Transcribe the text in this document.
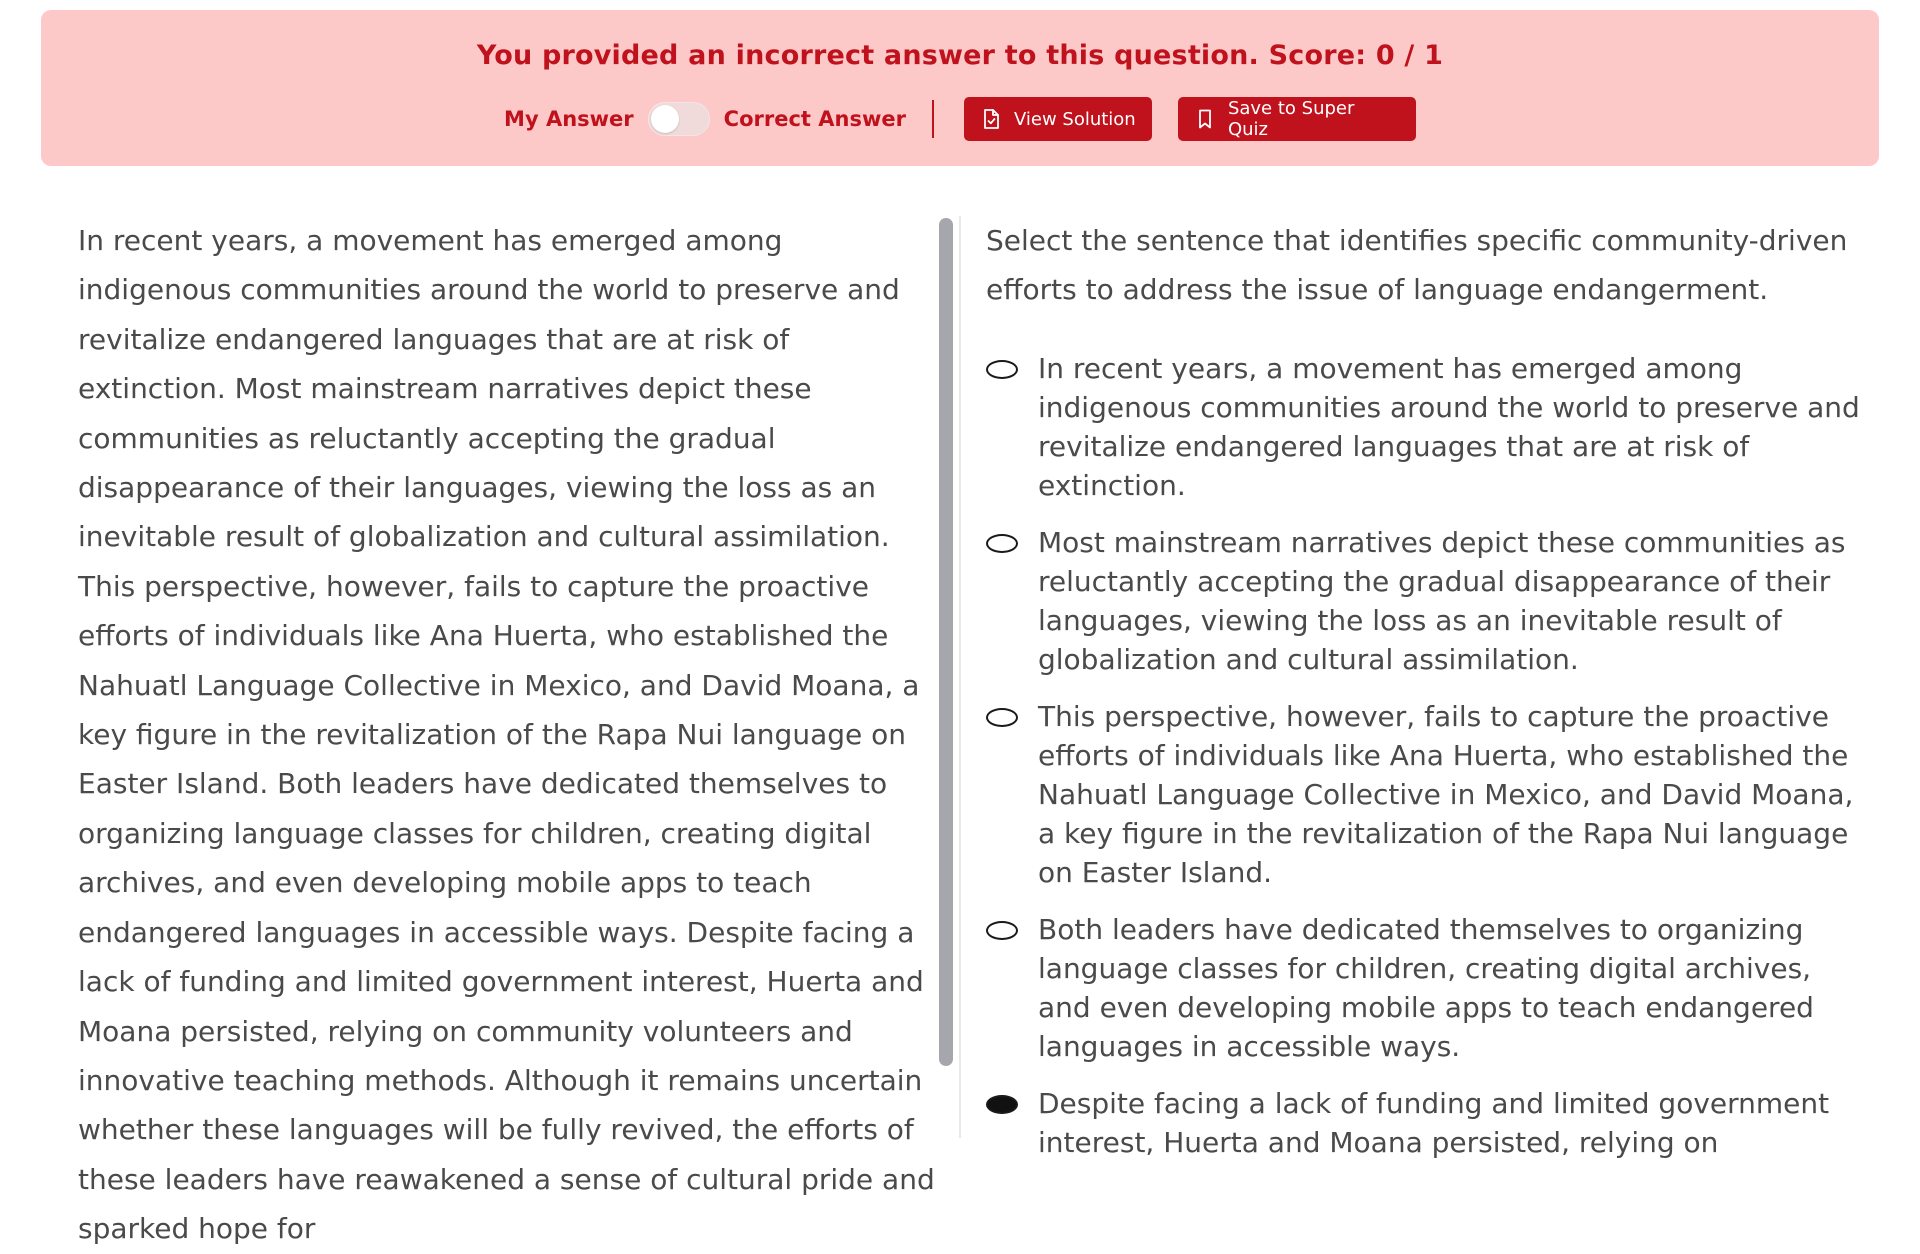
You provided an incorrect answer to this question. Score: 0 / 1
My Answer	Correct Answer	View Solution	Save to Super Quiz
In recent years, a movement has emerged among indigenous communities around the world to preserve and revitalize endangered languages that are at risk of extinction. Most mainstream narratives depict these communities as reluctantly accepting the gradual disappearance of their languages, viewing the loss as an inevitable result of globalization and cultural assimilation. This perspective, however, fails to capture the proactive efforts of individuals like Ana Huerta, who established the Nahuatl Language Collective in Mexico, and David Moana, a key figure in the revitalization of the Rapa Nui language on Easter Island. Both leaders have dedicated themselves to organizing language classes for children, creating digital archives, and even developing mobile apps to teach endangered languages in accessible ways. Despite facing a lack of funding and limited government interest, Huerta and Moana persisted, relying on community volunteers and innovative teaching methods. Although it remains uncertain whether these languages will be fully revived, the efforts of these leaders have reawakened a sense of cultural pride and sparked hope for
Select the sentence that identifies specific community-driven efforts to address the issue of language endangerment.
In recent years, a movement has emerged among indigenous communities around the world to preserve and revitalize endangered languages that are at risk of extinction.
Most mainstream narratives depict these communities as reluctantly accepting the gradual disappearance of their languages, viewing the loss as an inevitable result of globalization and cultural assimilation.
This perspective, however, fails to capture the proactive efforts of individuals like Ana Huerta, who established the Nahuatl Language Collective in Mexico, and David Moana, a key figure in the revitalization of the Rapa Nui language on Easter Island.
Both leaders have dedicated themselves to organizing language classes for children, creating digital archives, and even developing mobile apps to teach endangered languages in accessible ways.
Despite facing a lack of funding and limited government interest, Huerta and Moana persisted, relying on
